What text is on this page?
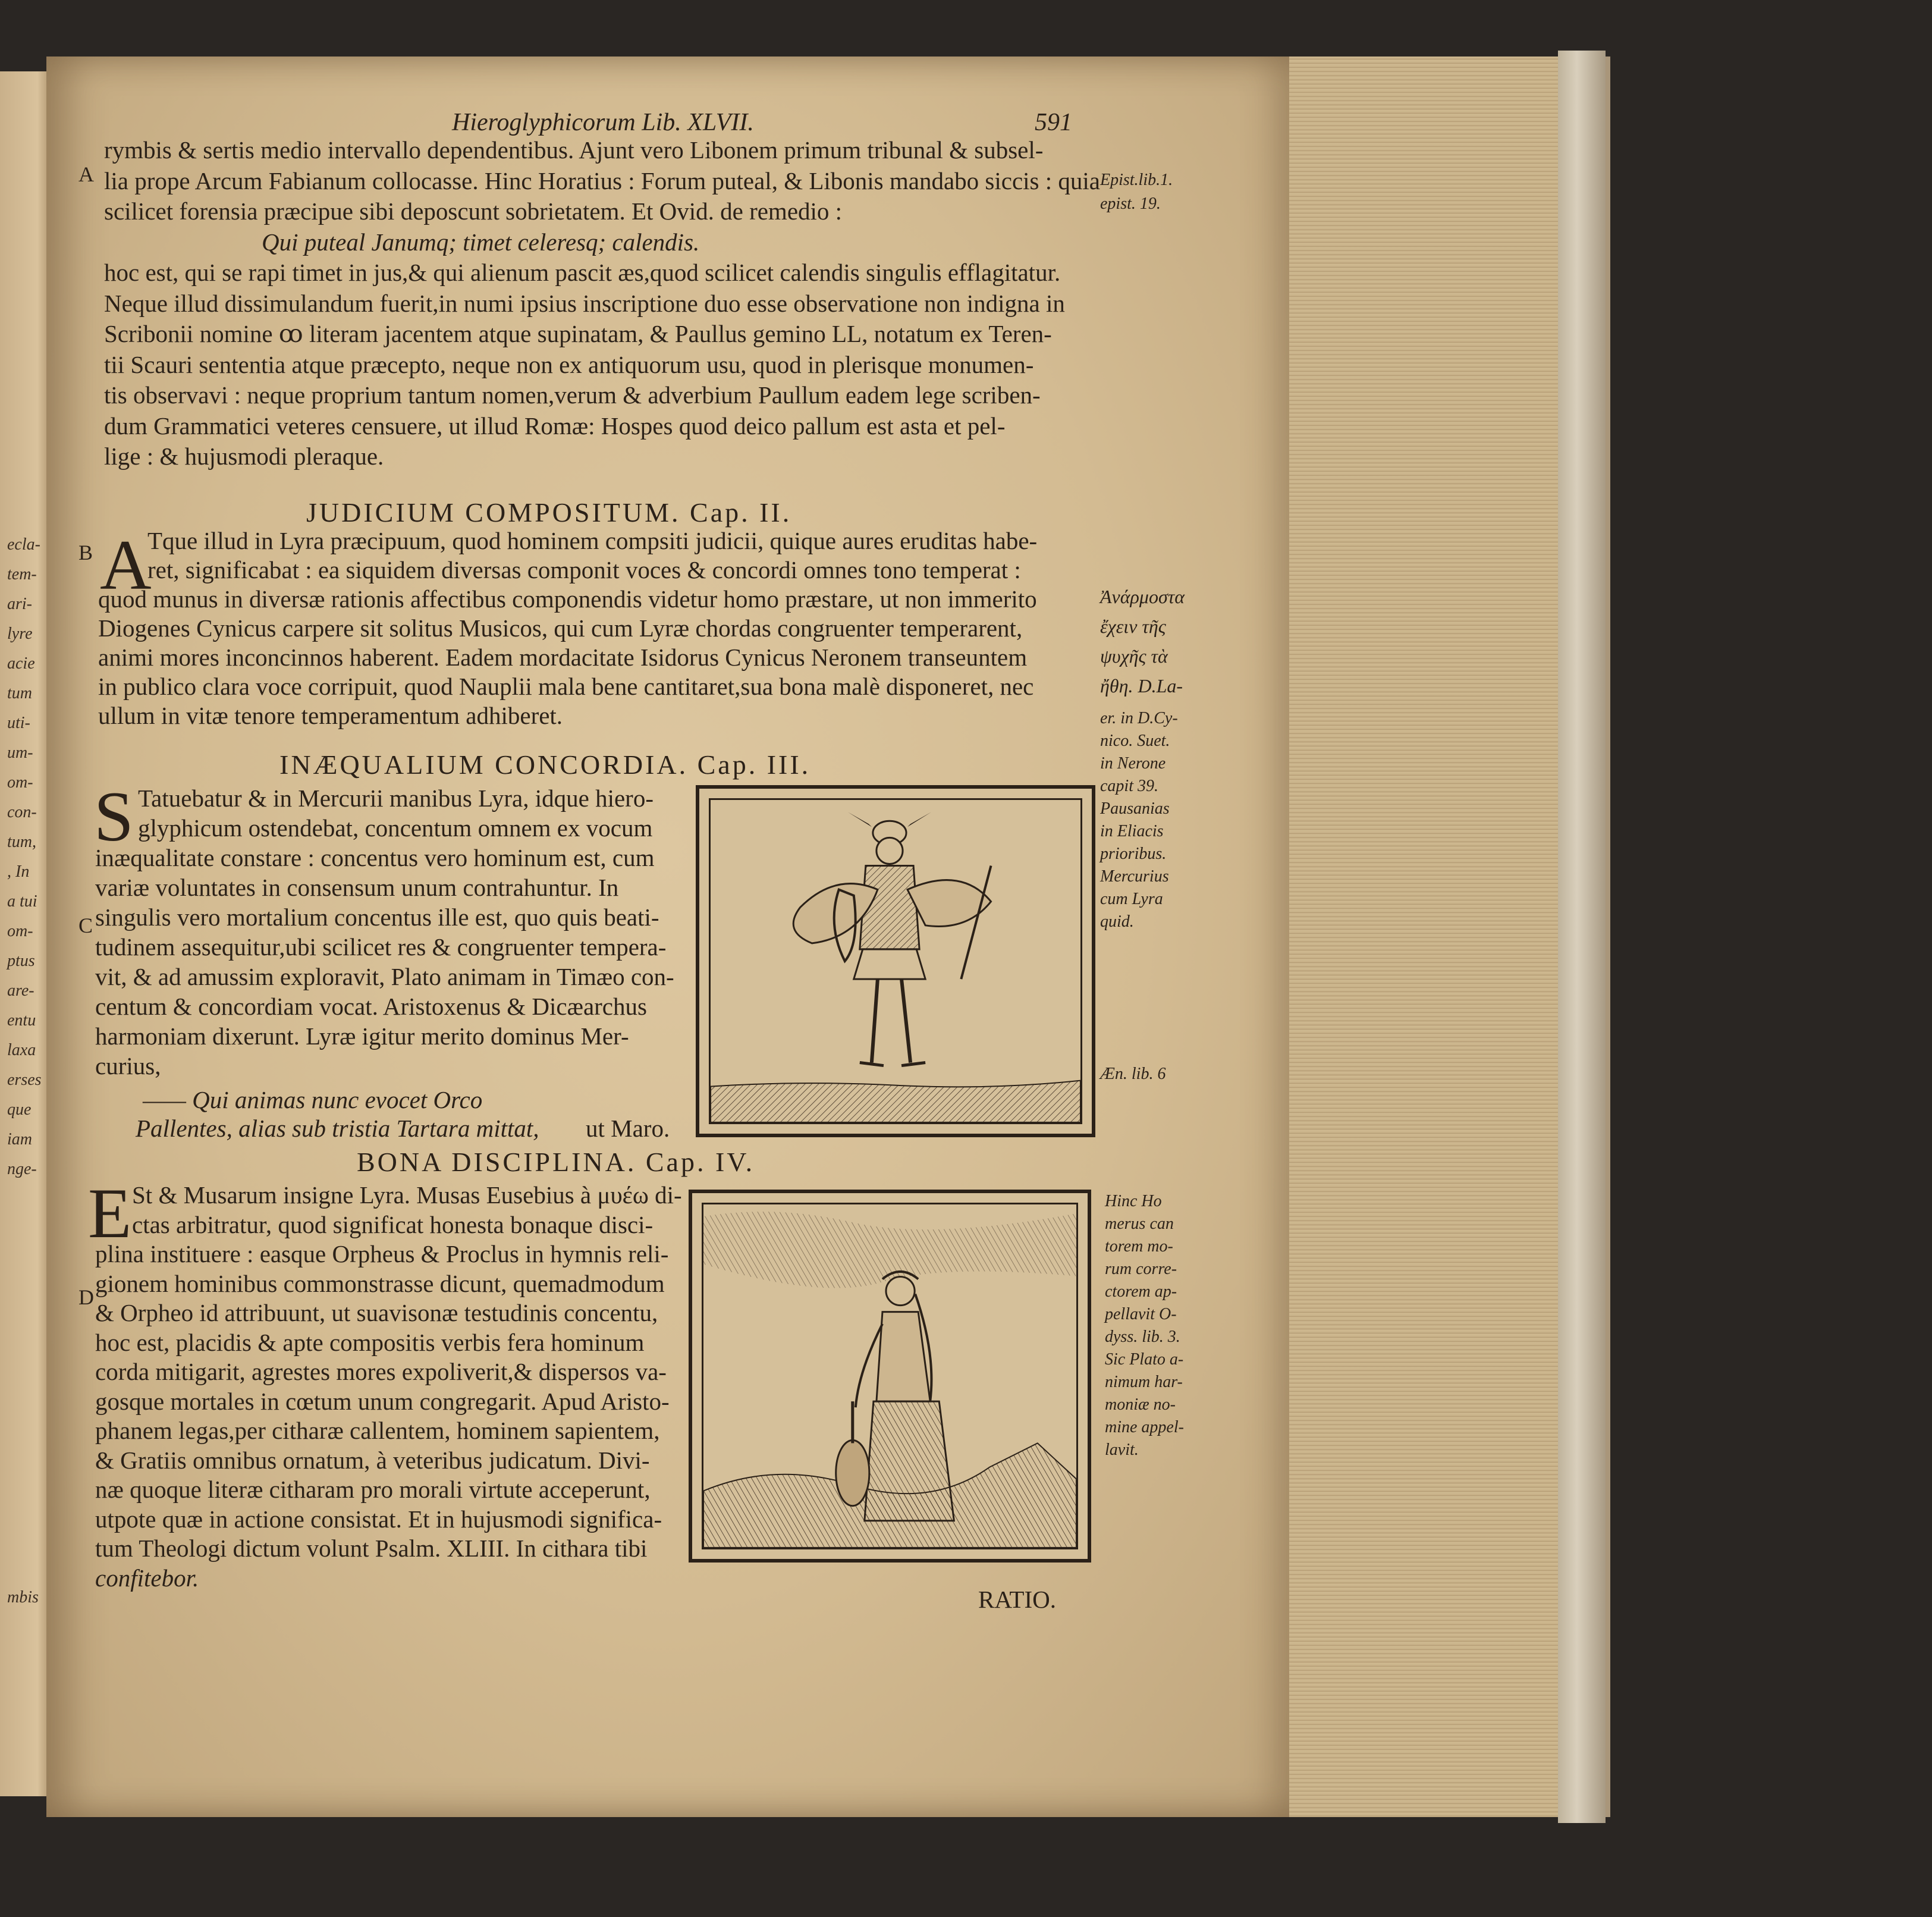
ecla-
tem-
ari-
lyre
acie
tum
uti-
um-
om-
con-
tum,
, In
a tui
om-
ptus
are-
entu
laxa
erses
que
iam
nge-
mbis
Hieroglyphicorum Lib. XLVII.	591
A
B
C
D
rymbis & sertis medio intervallo dependentibus. Ajunt vero Libonem primum tribunal & subsel-
lia prope Arcum Fabianum collocasse. Hinc Horatius : Forum puteal, & Libonis mandabo siccis : quia
scilicet forensia præcipue sibi deposcunt sobrietatem. Et Ovid. de remedio :
Qui puteal Janumq; timet celeresq; calendis.
hoc est, qui se rapi timet in jus,& qui alienum pascit æs,quod scilicet calendis singulis efflagitatur.
Neque illud dissimulandum fuerit,in numi ipsius inscriptione duo esse observatione non indigna in
Scribonii nomine ꝏ literam jacentem atque supinatam, & Paullus gemino LL, notatum ex Teren-
tii Scauri sententia atque præcepto, neque non ex antiquorum usu, quod in plerisque monumen-
tis observavi : neque proprium tantum nomen,verum & adverbium Paullum eadem lege scriben-
dum Grammatici veteres censuere, ut illud Romæ: Hospes quod deico pallum est asta et pel-
lige : & hujusmodi pleraque.
JUDICIUM COMPOSITUM. Cap. II.
A
Tque illud in Lyra præcipuum, quod hominem compsiti judicii, quique aures eruditas habe-
ret, significabat : ea siquidem diversas componit voces & concordi omnes tono temperat :
quod munus in diversæ rationis affectibus componendis videtur homo præstare, ut non immerito
Diogenes Cynicus carpere sit solitus Musicos, qui cum Lyræ chordas congruenter temperarent,
animi mores inconcinnos haberent. Eadem mordacitate Isidorus Cynicus Neronem transeuntem
in publico clara voce corripuit, quod Nauplii mala bene cantitaret,sua bona malè disponeret, nec
ullum in vitæ tenore temperamentum adhiberet.
INÆQUALIUM CONCORDIA. Cap. III.
S Tatuebatur & in Mercurii manibus Lyra, idque hiero-
glyphicum ostendebat, concentum omnem ex vocum
inæqualitate constare : concentus vero hominum est, cum
variæ voluntates in consensum unum contrahuntur. In
singulis vero mortalium concentus ille est, quo quis beati-
tudinem assequitur,ubi scilicet res & congruenter tempera-
vit, & ad amussim exploravit, Plato animam in Timæo con-
centum & concordiam vocat. Aristoxenus & Dicæarchus
harmoniam dixerunt. Lyræ igitur merito dominus Mer-
curius,
—— Qui animas nunc evocet Orco
Pallentes, alias sub tristia Tartara mittat, ut Maro.
BONA DISCIPLINA. Cap. IV.
E St & Musarum insigne Lyra. Musas Eusebius à μυέω di-
ctas arbitratur, quod significat honesta bonaque disci-
plina instituere : easque Orpheus & Proclus in hymnis reli-
gionem hominibus commonstrasse dicunt, quemadmodum
& Orpheo id attribuunt, ut suavisonæ testudinis concentu,
hoc est, placidis & apte compositis verbis fera hominum
corda mitigarit, agrestes mores expoliverit,& dispersos va-
gosque mortales in cœtum unum congregarit. Apud Aristo-
phanem legas,per citharæ callentem, hominem sapientem,
& Gratiis omnibus ornatum, à veteribus judicatum. Divi-
næ quoque literæ citharam pro morali virtute acceperunt,
utpote quæ in actione consistat. Et in hujusmodi significa-
tum Theologi dictum volunt Psalm. XLIII. In cithara tibi
confitebor.
RATIO.
Epist.lib.1.
epist. 19.
Ἀνάρμοστα
ἔχειν τῆς
ψυχῆς τὰ
ἤθη. D.La-
er. in D.Cy-
nico. Suet.
in Nerone
capit 39.
Pausanias
in Eliacis
prioribus.
Mercurius
cum Lyra
quid.
Æn. lib. 6
Hinc Ho
merus can
torem mo-
rum corre-
ctorem ap-
pellavit O-
dyss. lib. 3.
Sic Plato a-
nimum har-
moniæ no-
mine appel-
lavit.
